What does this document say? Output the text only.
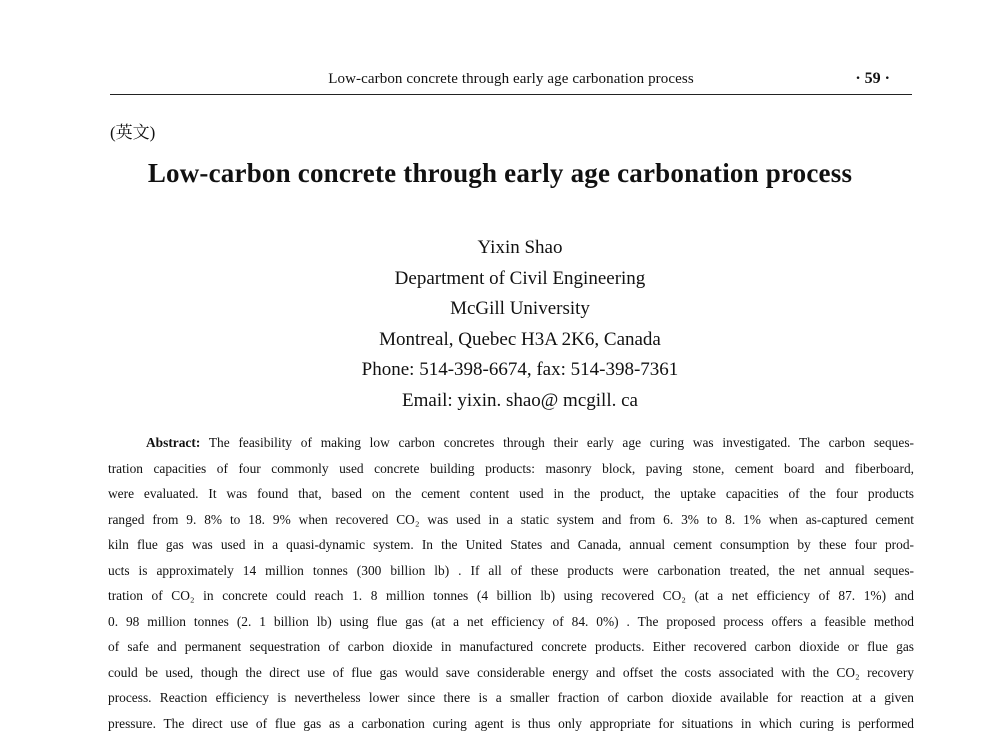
Low-carbon concrete through early age carbonation process	· 59 ·
(英文)
Low-carbon concrete through early age carbonation process
Yixin Shao
Department of Civil Engineering
McGill University
Montreal, Quebec H3A 2K6, Canada
Phone: 514-398-6674, fax: 514-398-7361
Email: yixin. shao@ mcgill. ca
Abstract: The feasibility of making low carbon concretes through their early age curing was investigated. The carbon seques-
tration capacities of four commonly used concrete building products: masonry block, paving stone, cement board and fiberboard,
were evaluated. It was found that, based on the cement content used in the product, the uptake capacities of the four products
ranged from 9. 8% to 18. 9% when recovered CO₂ was used in a static system and from 6. 3% to 8. 1% when as-captured cement
kiln flue gas was used in a quasi-dynamic system. In the United States and Canada, annual cement consumption by these four prod-
ucts is approximately 14 million tonnes (300 billion lb) . If all of these products were carbonation treated, the net annual seques-
tration of CO₂ in concrete could reach 1. 8 million tonnes (4 billion lb) using recovered CO₂ (at a net efficiency of 87. 1%) and
0. 98 million tonnes (2. 1 billion lb) using flue gas (at a net efficiency of 84. 0%) . The proposed process offers a feasible method
of safe and permanent sequestration of carbon dioxide in manufactured concrete products. Either recovered carbon dioxide or flue gas
could be used, though the direct use of flue gas would save considerable energy and offset the costs associated with the CO₂ recovery
process. Reaction efficiency is nevertheless lower since there is a smaller fraction of carbon dioxide available for reaction at a given
pressure. The direct use of flue gas as a carbonation curing agent is thus only appropriate for situations in which curing is performed
